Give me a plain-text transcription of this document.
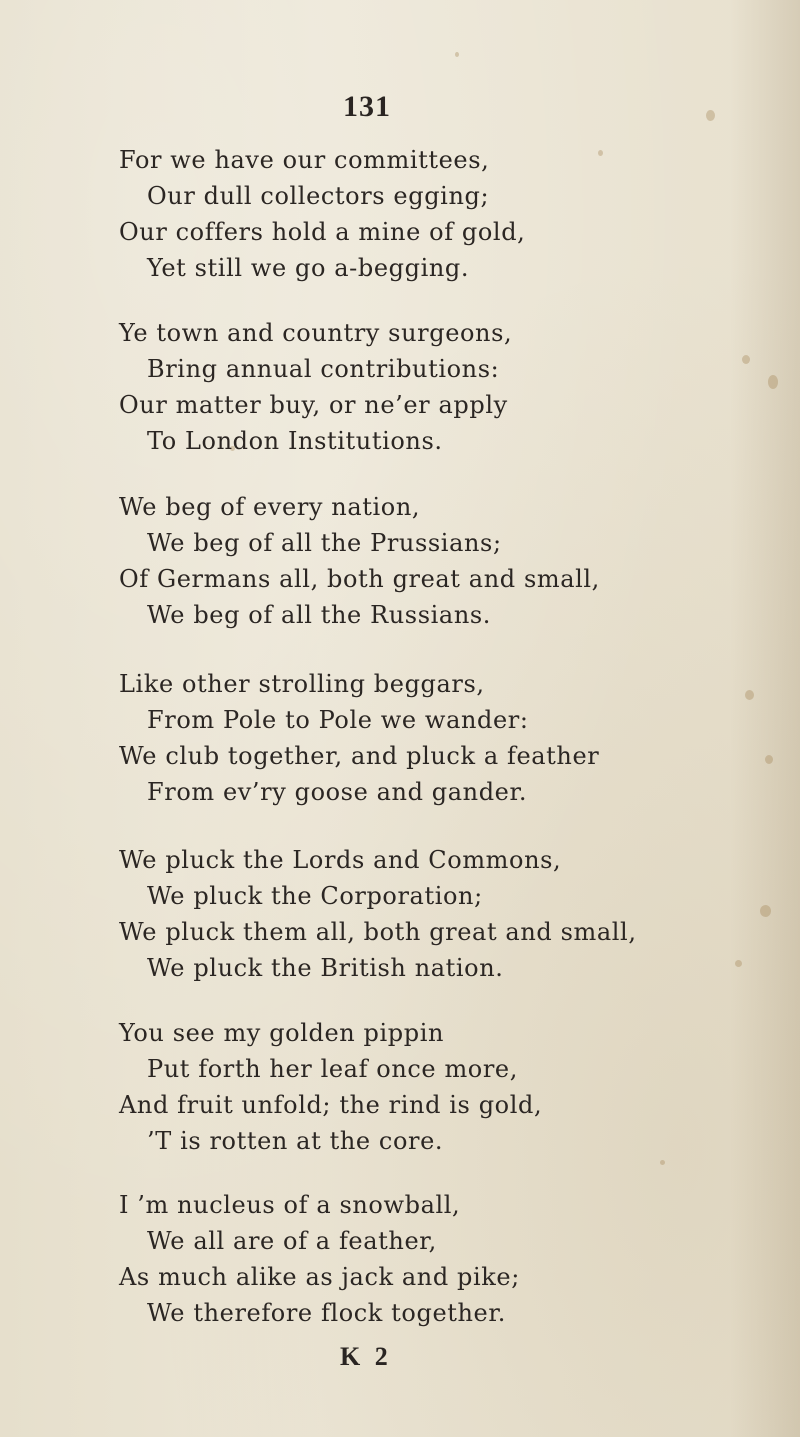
131
For we have our committees,
Our dull collectors egging;
Our coffers hold a mine of gold,
Yet still we go a-begging.
Ye town and country surgeons,
Bring annual contributions:
Our matter buy, or ne’er apply
To London Institutions.
We beg of every nation,
We beg of all the Prussians;
Of Germans all, both great and small,
We beg of all the Russians.
Like other strolling beggars,
From Pole to Pole we wander:
We club together, and pluck a feather
From ev’ry goose and gander.
We pluck the Lords and Commons,
We pluck the Corporation;
We pluck them all, both great and small,
We pluck the British nation.
You see my golden pippin
Put forth her leaf once more,
And fruit unfold; the rind is gold,
’T is rotten at the core.
I ’m nucleus of a snowball,
We all are of a feather,
As much alike as jack and pike;
We therefore flock together.
K 2
